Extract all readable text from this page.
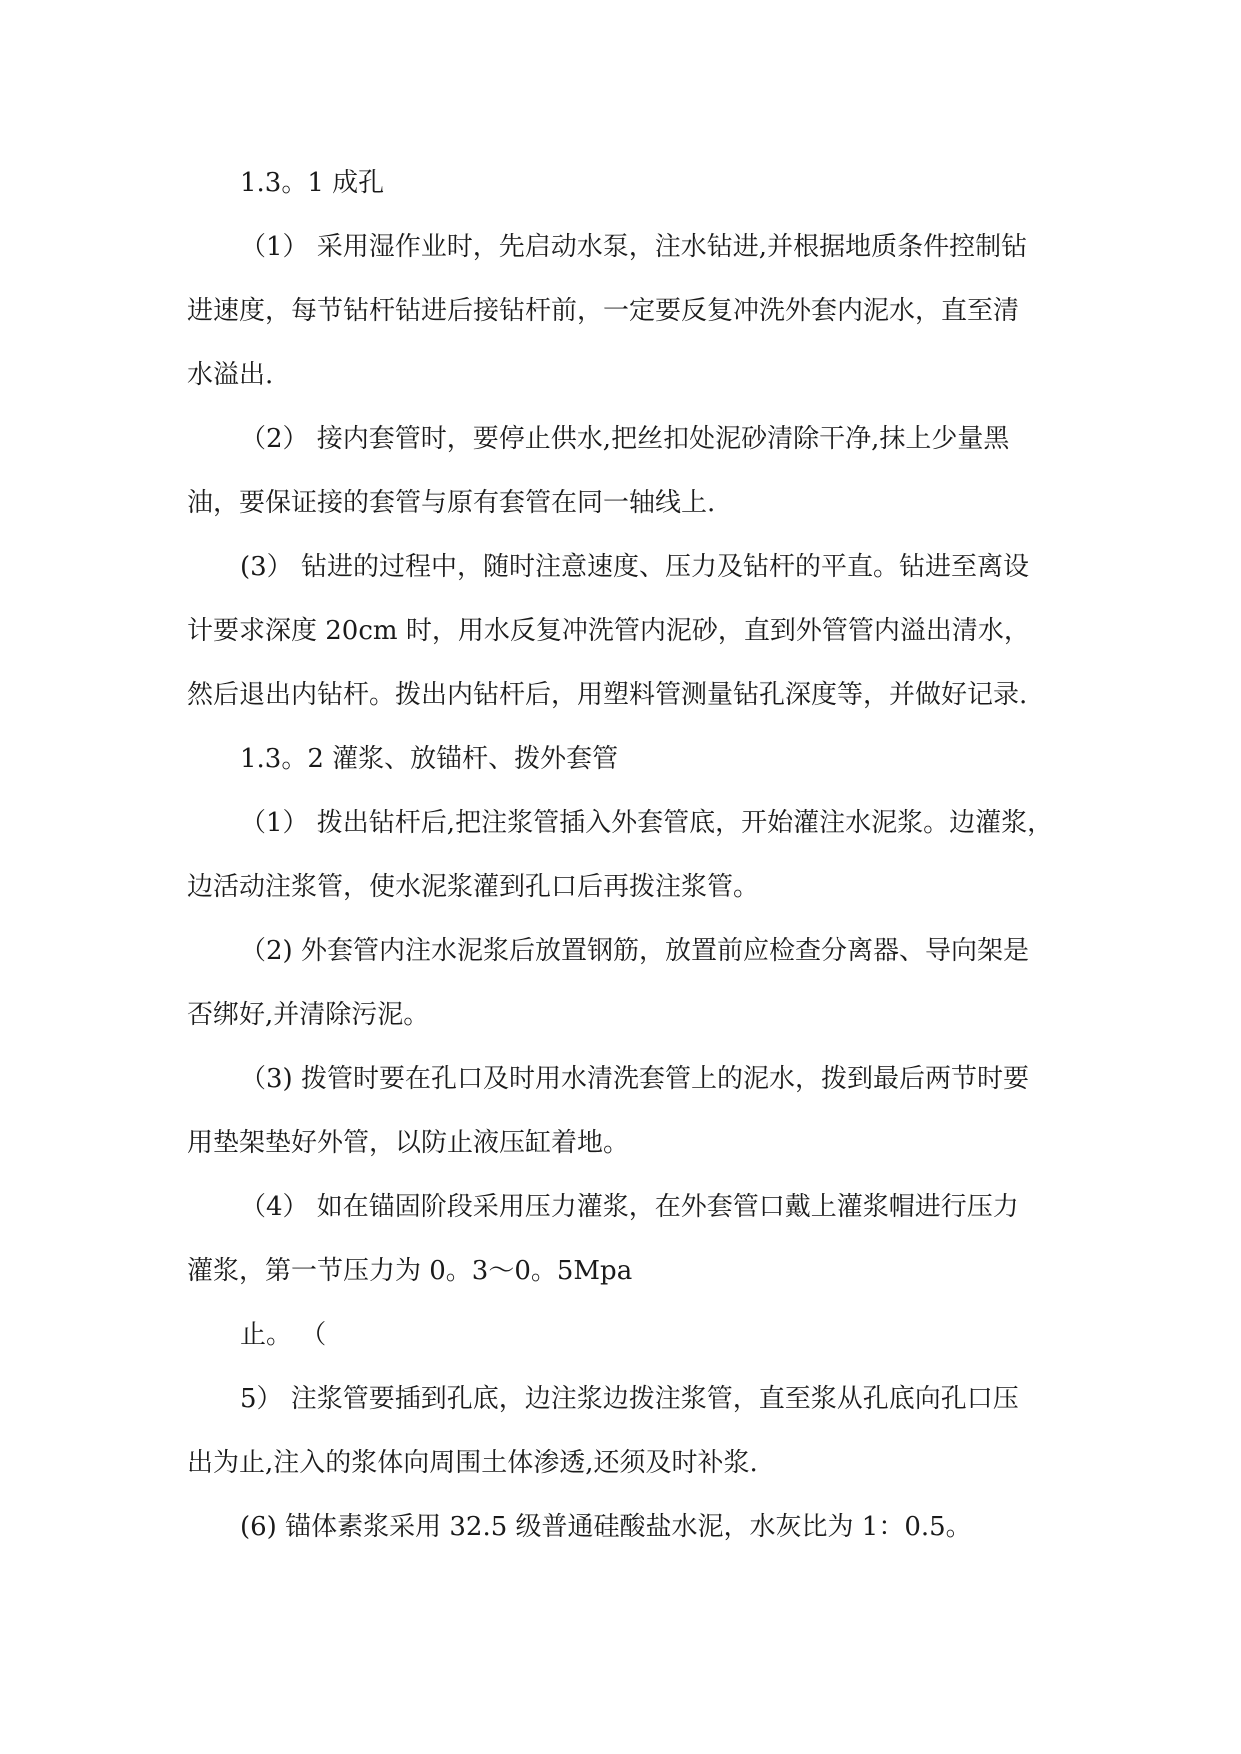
1.3。1 成孔
（1） 采用湿作业时，先启动水泵，注水钻进,并根据地质条件控制钻
进速度，每节钻杆钻进后接钻杆前，一定要反复冲洗外套内泥水，直至清
水溢出.
（2） 接内套管时，要停止供水,把丝扣处泥砂清除干净,抹上少量黑
油，要保证接的套管与原有套管在同一轴线上.
(3） 钻进的过程中，随时注意速度、压力及钻杆的平直。钻进至离设
计要求深度 20cm 时，用水反复冲洗管内泥砂，直到外管管内溢出清水，
然后退出内钻杆。拨出内钻杆后，用塑料管测量钻孔深度等，并做好记录.
1.3。2 灌浆、放锚杆、拨外套管
（1） 拨出钻杆后,把注浆管插入外套管底，开始灌注水泥浆。边灌浆，
边活动注浆管，使水泥浆灌到孔口后再拨注浆管。
（2) 外套管内注水泥浆后放置钢筋，放置前应检查分离器、导向架是
否绑好,并清除污泥。
（3) 拨管时要在孔口及时用水清洗套管上的泥水，拨到最后两节时要
用垫架垫好外管，以防止液压缸着地。
（4） 如在锚固阶段采用压力灌浆，在外套管口戴上灌浆帽进行压力
灌浆，第一节压力为 0。3～0。5Mpa
止。 （
5） 注浆管要插到孔底，边注浆边拨注浆管，直至浆从孔底向孔口压
出为止,注入的浆体向周围土体渗透,还须及时补浆.
(6) 锚体素浆采用 32.5 级普通硅酸盐水泥，水灰比为 1：0.5。
